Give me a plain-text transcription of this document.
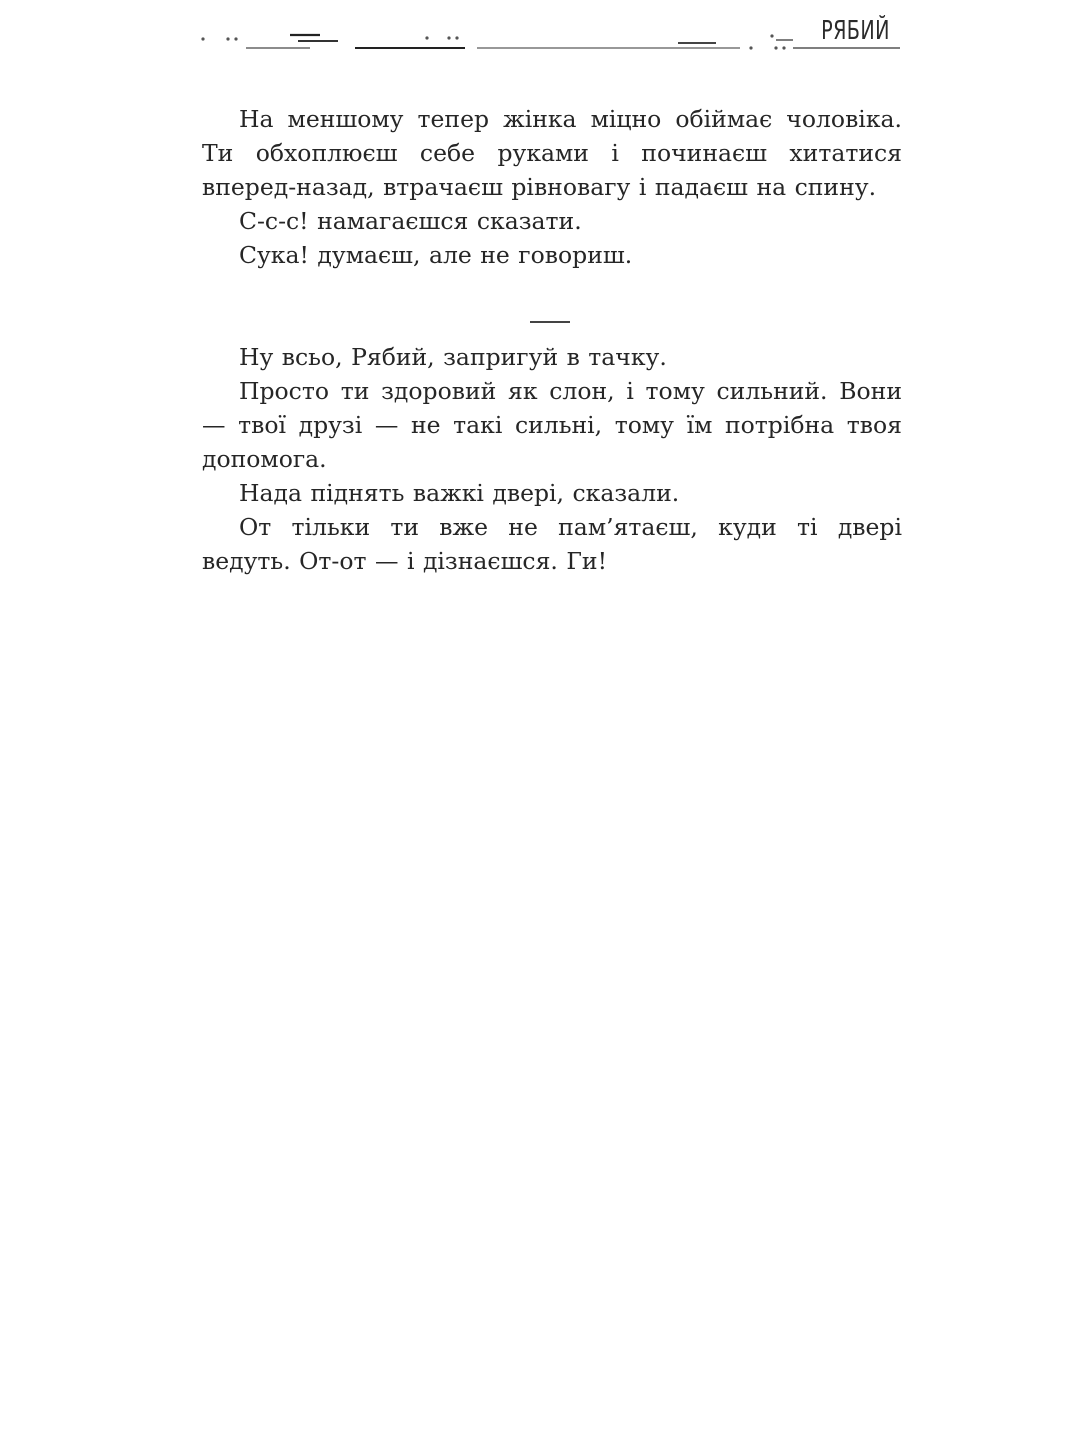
РЯБИЙ

На меншому тепер жінка міцно обіймає чоловіка. Ти обхоплюєш себе руками і починаєш хитатися вперед-назад, втрачаєш рівновагу і падаєш на спину.

С-с-с! намагаєшся сказати.

Сука! думаєш, але не говориш.

Ну всьо, Рябий, запригуй в тачку.

Просто ти здоровий як слон, і тому сильний. Вони — твої друзі — не такі сильні, тому їм потрібна твоя допомога.

Нада піднять важкі двері, сказали.

От тільки ти вже не пам’ятаєш, куди ті двері ведуть. От-от — і дізнаєшся. Ги!
